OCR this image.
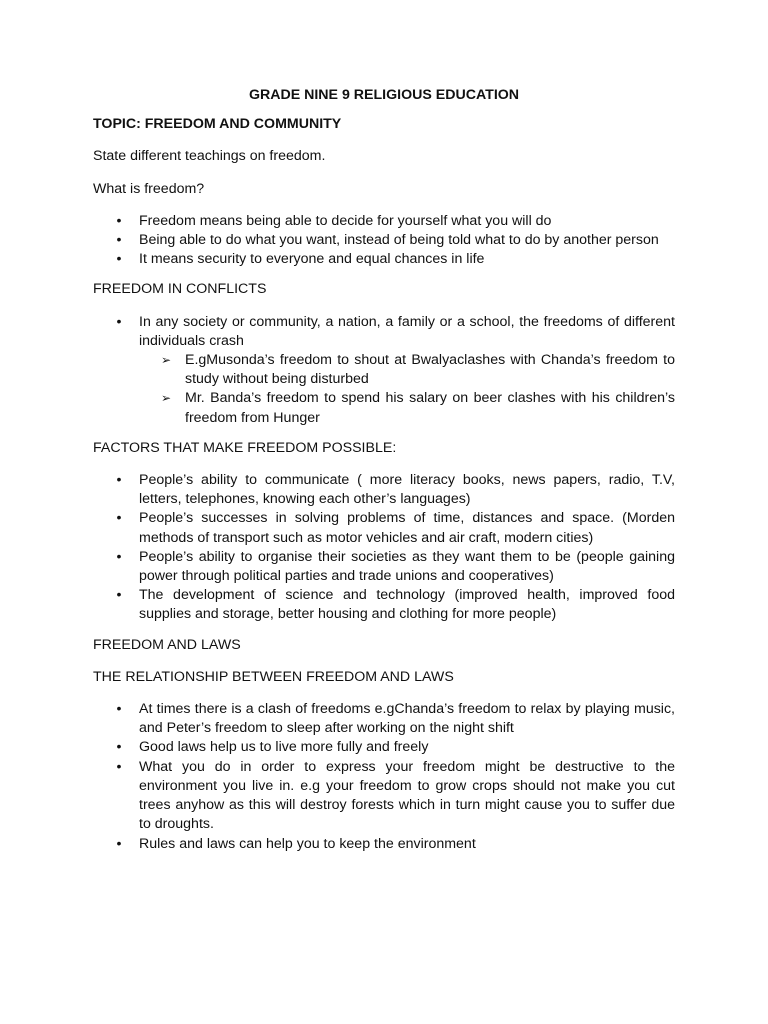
GRADE NINE 9 RELIGIOUS EDUCATION

TOPIC: FREEDOM AND COMMUNITY

State different teachings on freedom.

What is freedom?

• Freedom means being able to decide for yourself what you will do
• Being able to do what you want, instead of being told what to do by another person
• It means security to everyone and equal chances in life

FREEDOM IN CONFLICTS

• In any society or community, a nation, a family or a school, the freedoms of different individuals crash
➢ E.gMusonda’s freedom to shout at Bwalyaclashes with Chanda’s freedom to study without being disturbed
➢ Mr. Banda’s freedom to spend his salary on beer clashes with his children’s freedom from Hunger

FACTORS THAT MAKE FREEDOM POSSIBLE:

• People’s ability to communicate ( more literacy books, news papers, radio, T.V, letters, telephones, knowing each other’s languages)
• People’s successes in solving problems of time, distances and space. (Morden methods of transport such as motor vehicles and air craft, modern cities)
• People’s ability to organise their societies as they want them to be (people gaining power through political parties and trade unions and cooperatives)
• The development of science and technology (improved health, improved food supplies and storage, better housing and clothing for more people)

FREEDOM AND LAWS

THE RELATIONSHIP BETWEEN FREEDOM AND LAWS

• At times there is a clash of freedoms e.gChanda’s freedom to relax by playing music, and Peter’s freedom to sleep after working on the night shift
• Good laws help us to live more fully and freely
• What you do in order to express your freedom might be destructive to the environment you live in. e.g your freedom to grow crops should not make you cut trees anyhow as this will destroy forests which in turn might cause you to suffer due to droughts.
• Rules and laws can help you to keep the environment
